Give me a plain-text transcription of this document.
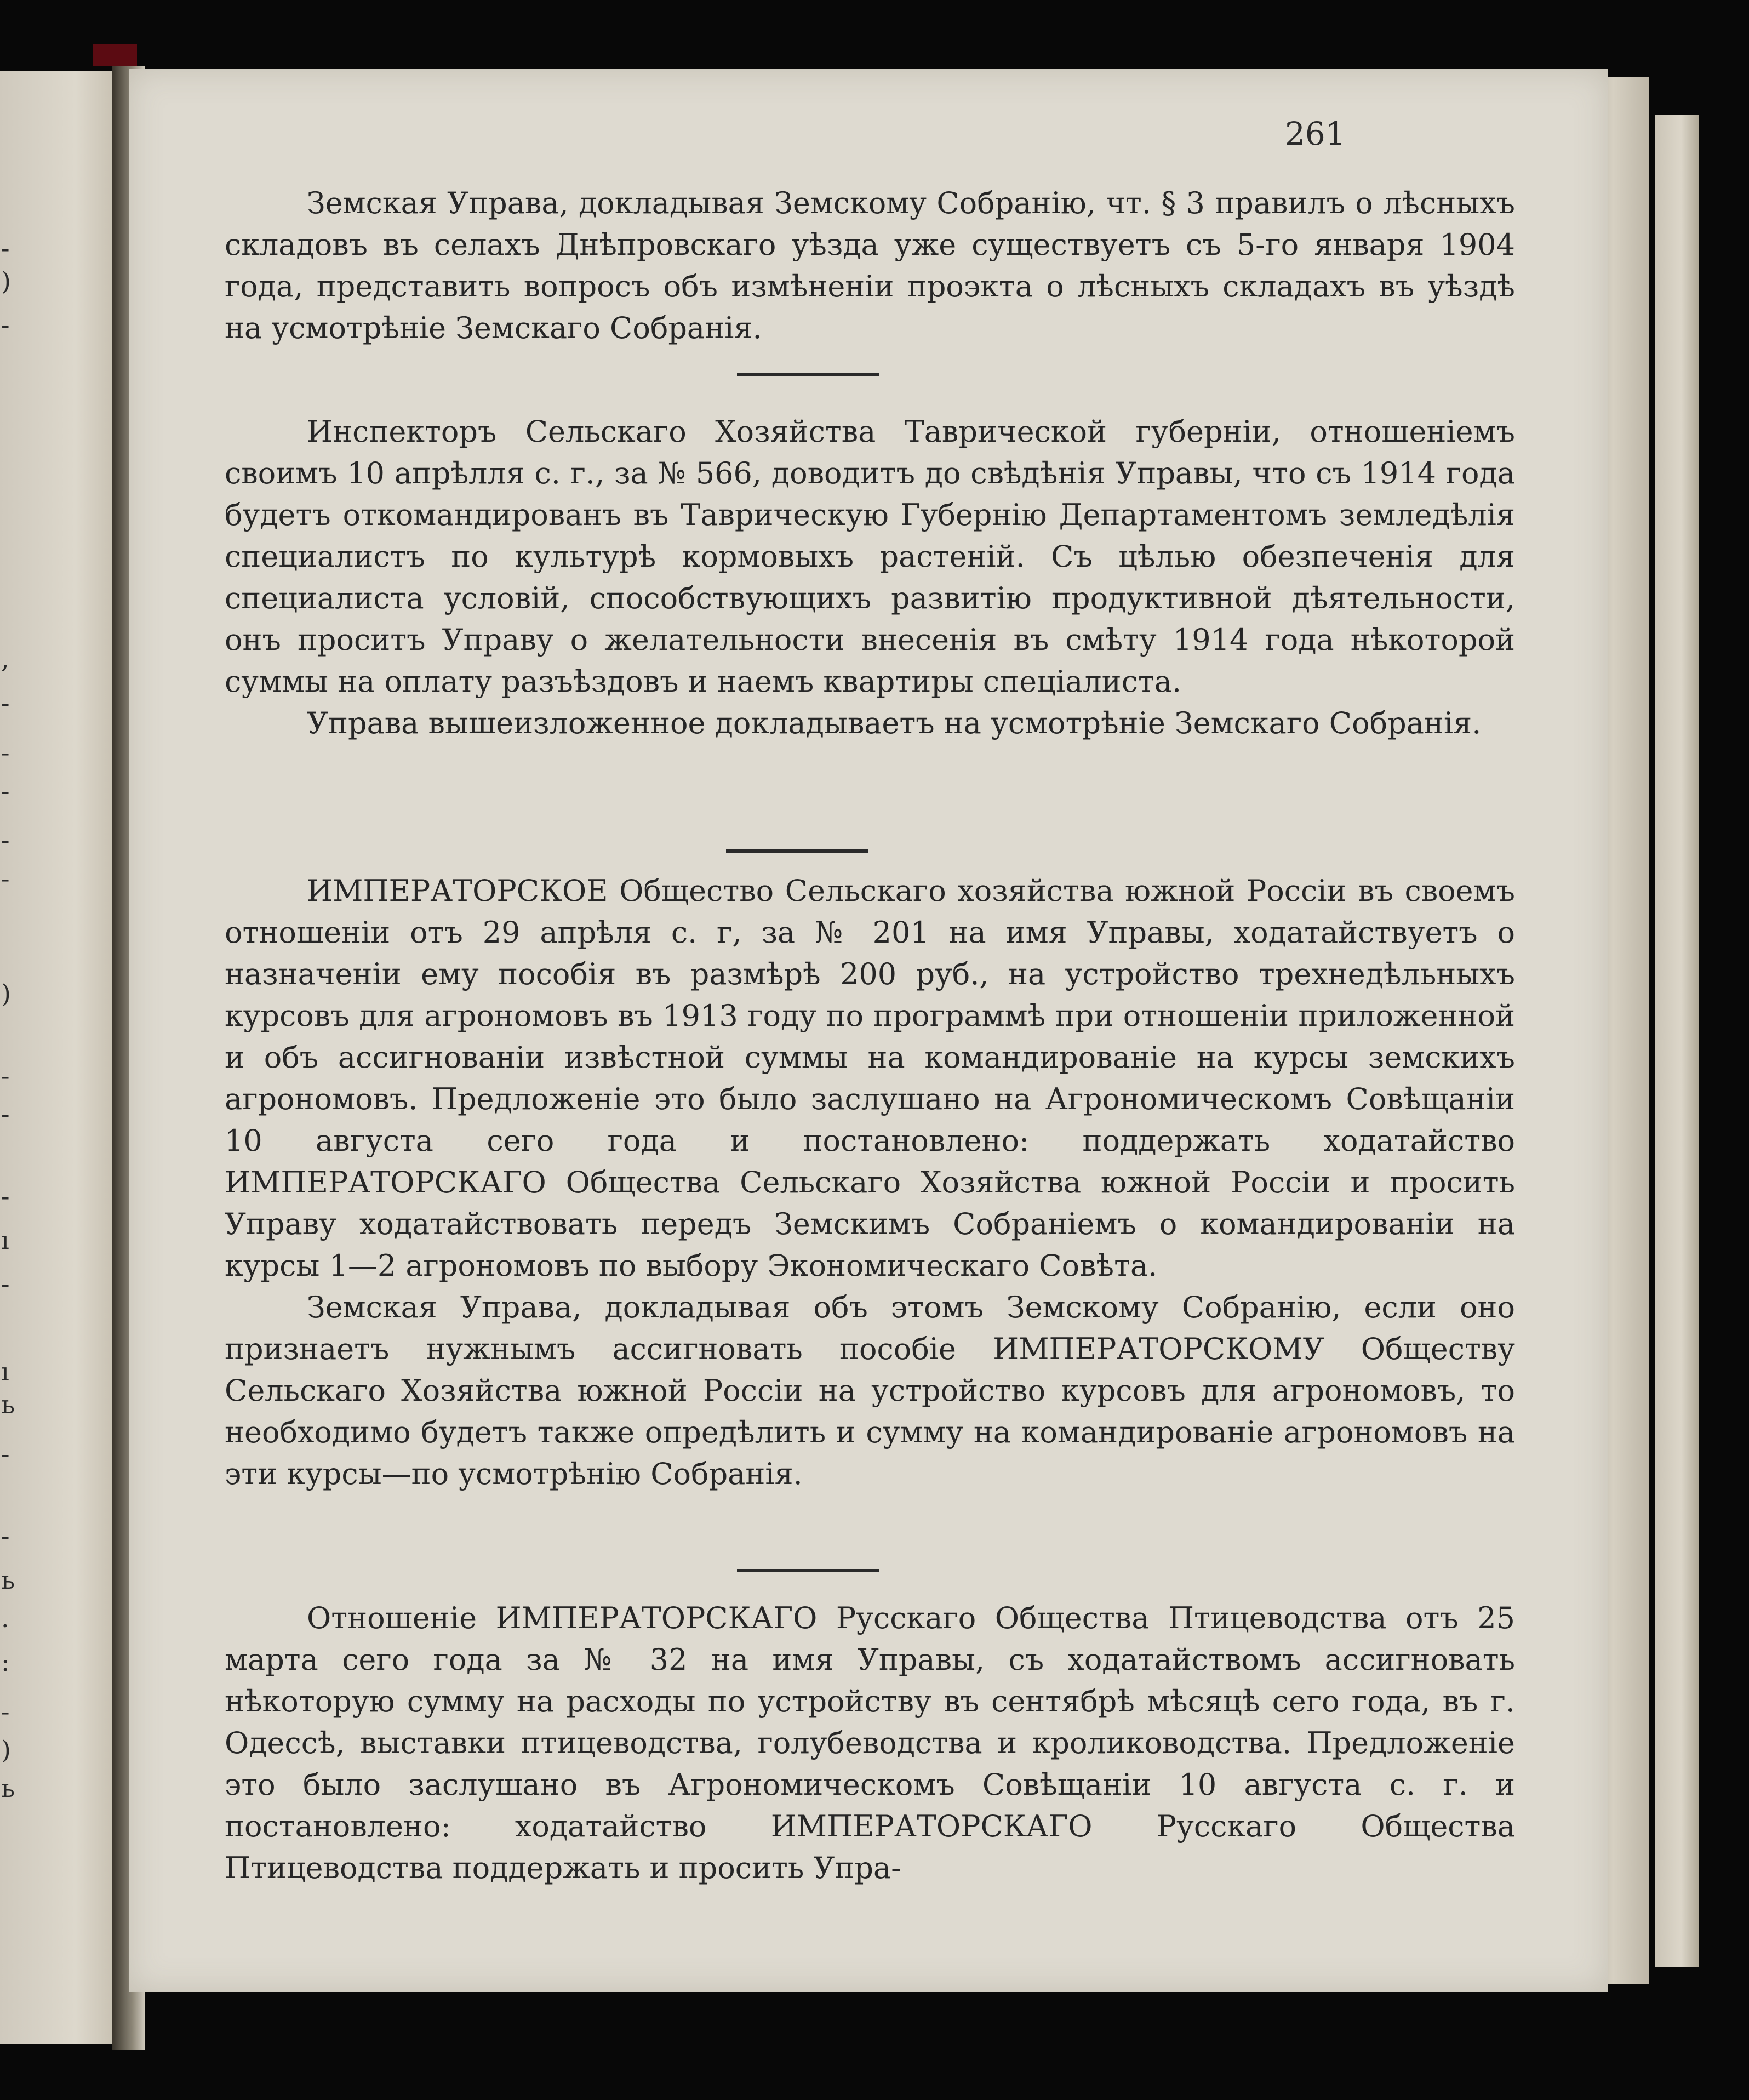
-
)
-
,
-
-
-
-
-
)
-
-
-
ı
-
ı
ь
-
-
ь
.
:
-
)
ь
261

Земская Управа, докладывая Земскому Собранію, чт. § 3 правилъ о лѣсныхъ складовъ въ селахъ Днѣпровскаго уѣзда уже существуетъ съ 5-го января 1904 года, представить вопросъ объ измѣненіи проэкта о лѣсныхъ складахъ въ уѣздѣ на усмотрѣніе Земскаго Собранія.

Инспекторъ Сельскаго Хозяйства Таврической губерніи, отношеніемъ своимъ 10 апрѣлля с. г., за № 566, доводитъ до свѣдѣнія Управы, что съ 1914 года будетъ откомандированъ въ Таврическую Губернію Департаментомъ земледѣлія специалистъ по культурѣ кормовыхъ растеній. Съ цѣлью обезпеченія для специалиста условій, способствующихъ развитію продуктивной дѣятельности, онъ проситъ Управу о желательности внесенія въ смѣту 1914 года нѣкоторой суммы на оплату разъѣздовъ и наемъ квартиры спеціалиста.

Управа вышеизложенное докладываетъ на усмотрѣніе Земскаго Собранія.

ИМПЕРАТОРСКОЕ Общество Сельскаго хозяйства южной Россіи въ своемъ отношеніи отъ 29 апрѣля с. г, за № 201 на имя Управы, ходатайствуетъ о назначеніи ему пособія въ размѣрѣ 200 руб., на устройство трехнедѣльныхъ курсовъ для агрономовъ въ 1913 году по программѣ при отношеніи приложенной и объ ассигнованіи извѣстной суммы на командированіе на курсы земскихъ агрономовъ. Предложеніе это было заслушано на Агрономическомъ Совѣщаніи 10 августа сего года и постановлено: поддержать ходатайство ИМПЕРАТОРСКАГО Общества Сельскаго Хозяйства южной Россіи и просить Управу ходатайствовать передъ Земскимъ Собраніемъ о командированіи на курсы 1—2 агрономовъ по выбору Экономическаго Совѣта.

Земская Управа, докладывая объ этомъ Земскому Собранію, если оно признаетъ нужнымъ ассигновать пособіе ИМПЕРАТОРСКОМУ Обществу Сельскаго Хозяйства южной Россіи на устройство курсовъ для агрономовъ, то необходимо будетъ также опредѣлить и сумму на командированіе агрономовъ на эти курсы—по усмотрѣнію Собранія.

Отношеніе ИМПЕРАТОРСКАГО Русскаго Общества Птицеводства отъ 25 марта сего года за № 32 на имя Управы, съ ходатайствомъ ассигновать нѣкоторую сумму на расходы по устройству въ сентябрѣ мѣсяцѣ сего года, въ г. Одессѣ, выставки птицеводства, голубеводства и кролиководства. Предложеніе это было заслушано въ Агрономическомъ Совѣщаніи 10 августа с. г. и постановлено: ходатайство ИМПЕРАТОРСКАГО Русскаго Общества Птицеводства поддержать и просить Упра-
